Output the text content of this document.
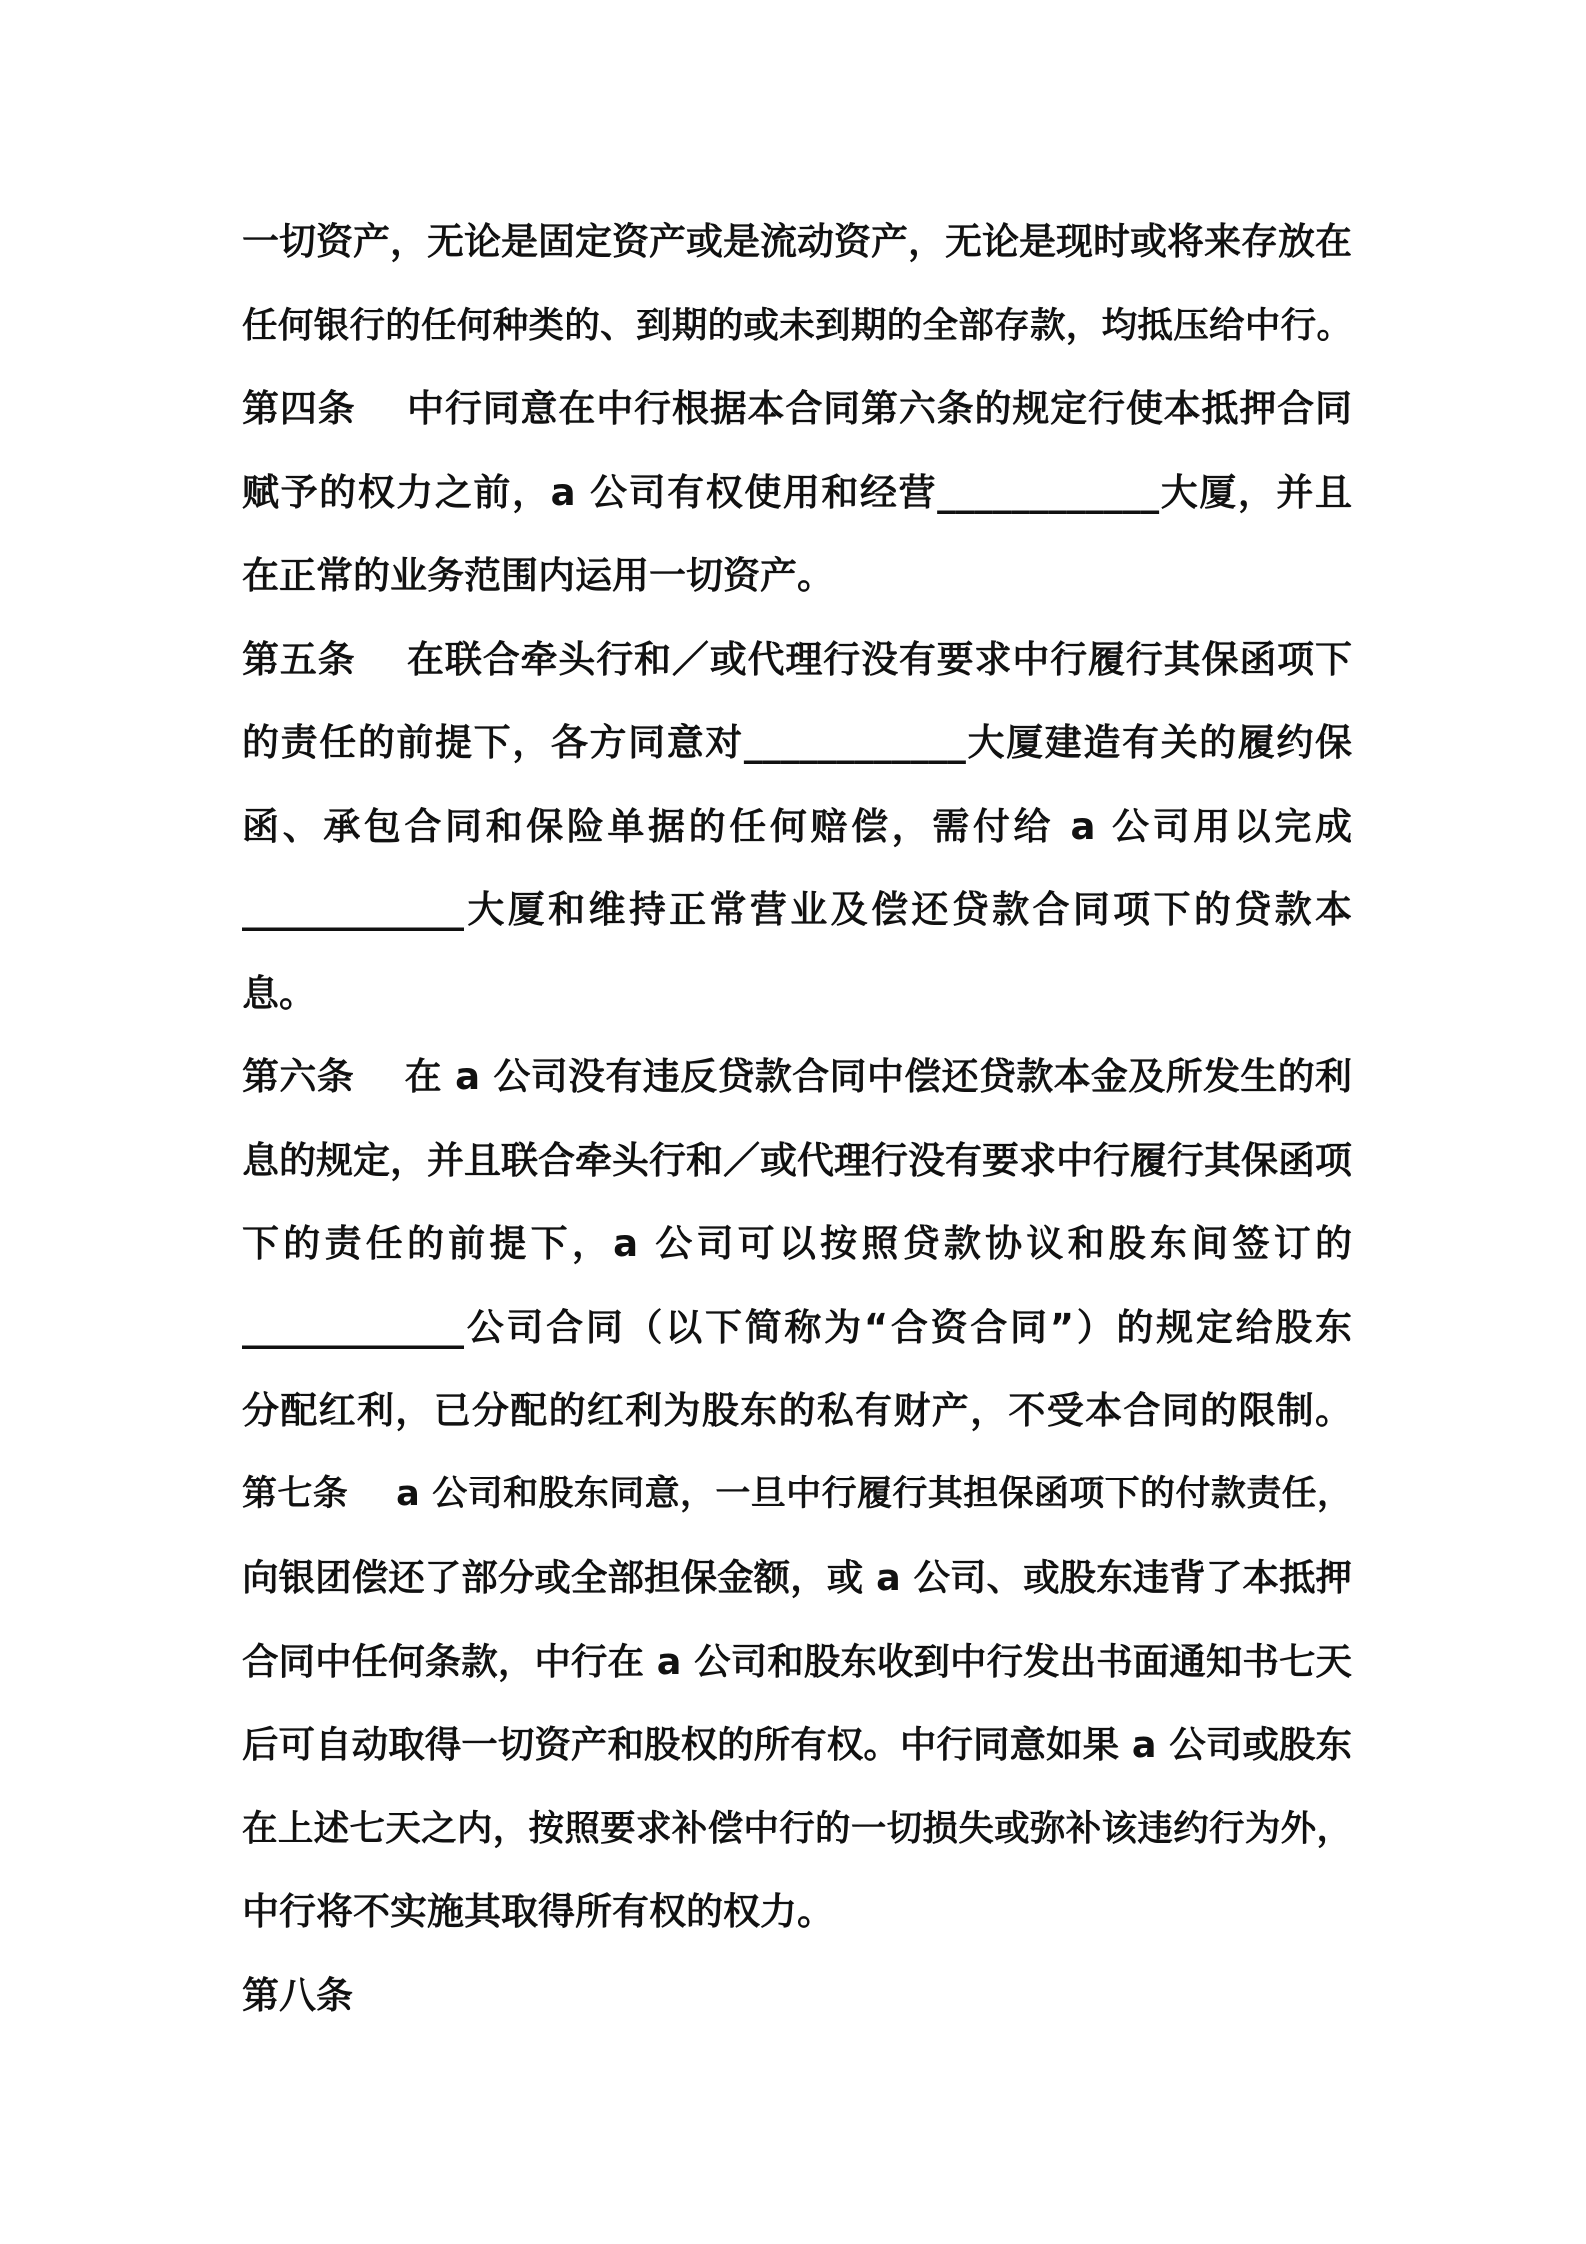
一切资产，无论是固定资产或是流动资产，无论是现时或将来存放在
任何银行的任何种类的、到期的或未到期的全部存款，均抵压给中行。
第四条　 中行同意在中行根据本合同第六条的规定行使本抵押合同
赋予的权力之前，a 公司有权使用和经营____________大厦，并且
在正常的业务范围内运用一切资产。
第五条　 在联合牵头行和／或代理行没有要求中行履行其保函项下
的责任的前提下，各方同意对____________大厦建造有关的履约保
函、承包合同和保险单据的任何赔偿，需付给 a 公司用以完成
____________大厦和维持正常营业及偿还贷款合同项下的贷款本
息。
第六条　 在 a 公司没有违反贷款合同中偿还贷款本金及所发生的利
息的规定，并且联合牵头行和／或代理行没有要求中行履行其保函项
下的责任的前提下，a 公司可以按照贷款协议和股东间签订的
____________公司合同（以下简称为“合资合同”）的规定给股东
分配红利，已分配的红利为股东的私有财产，不受本合同的限制。
第七条　 a 公司和股东同意，一旦中行履行其担保函项下的付款责任，
向银团偿还了部分或全部担保金额，或 a 公司、或股东违背了本抵押
合同中任何条款，中行在 a 公司和股东收到中行发出书面通知书七天
后可自动取得一切资产和股权的所有权。中行同意如果 a 公司或股东
在上述七天之内，按照要求补偿中行的一切损失或弥补该违约行为外，
中行将不实施其取得所有权的权力。
第八条
